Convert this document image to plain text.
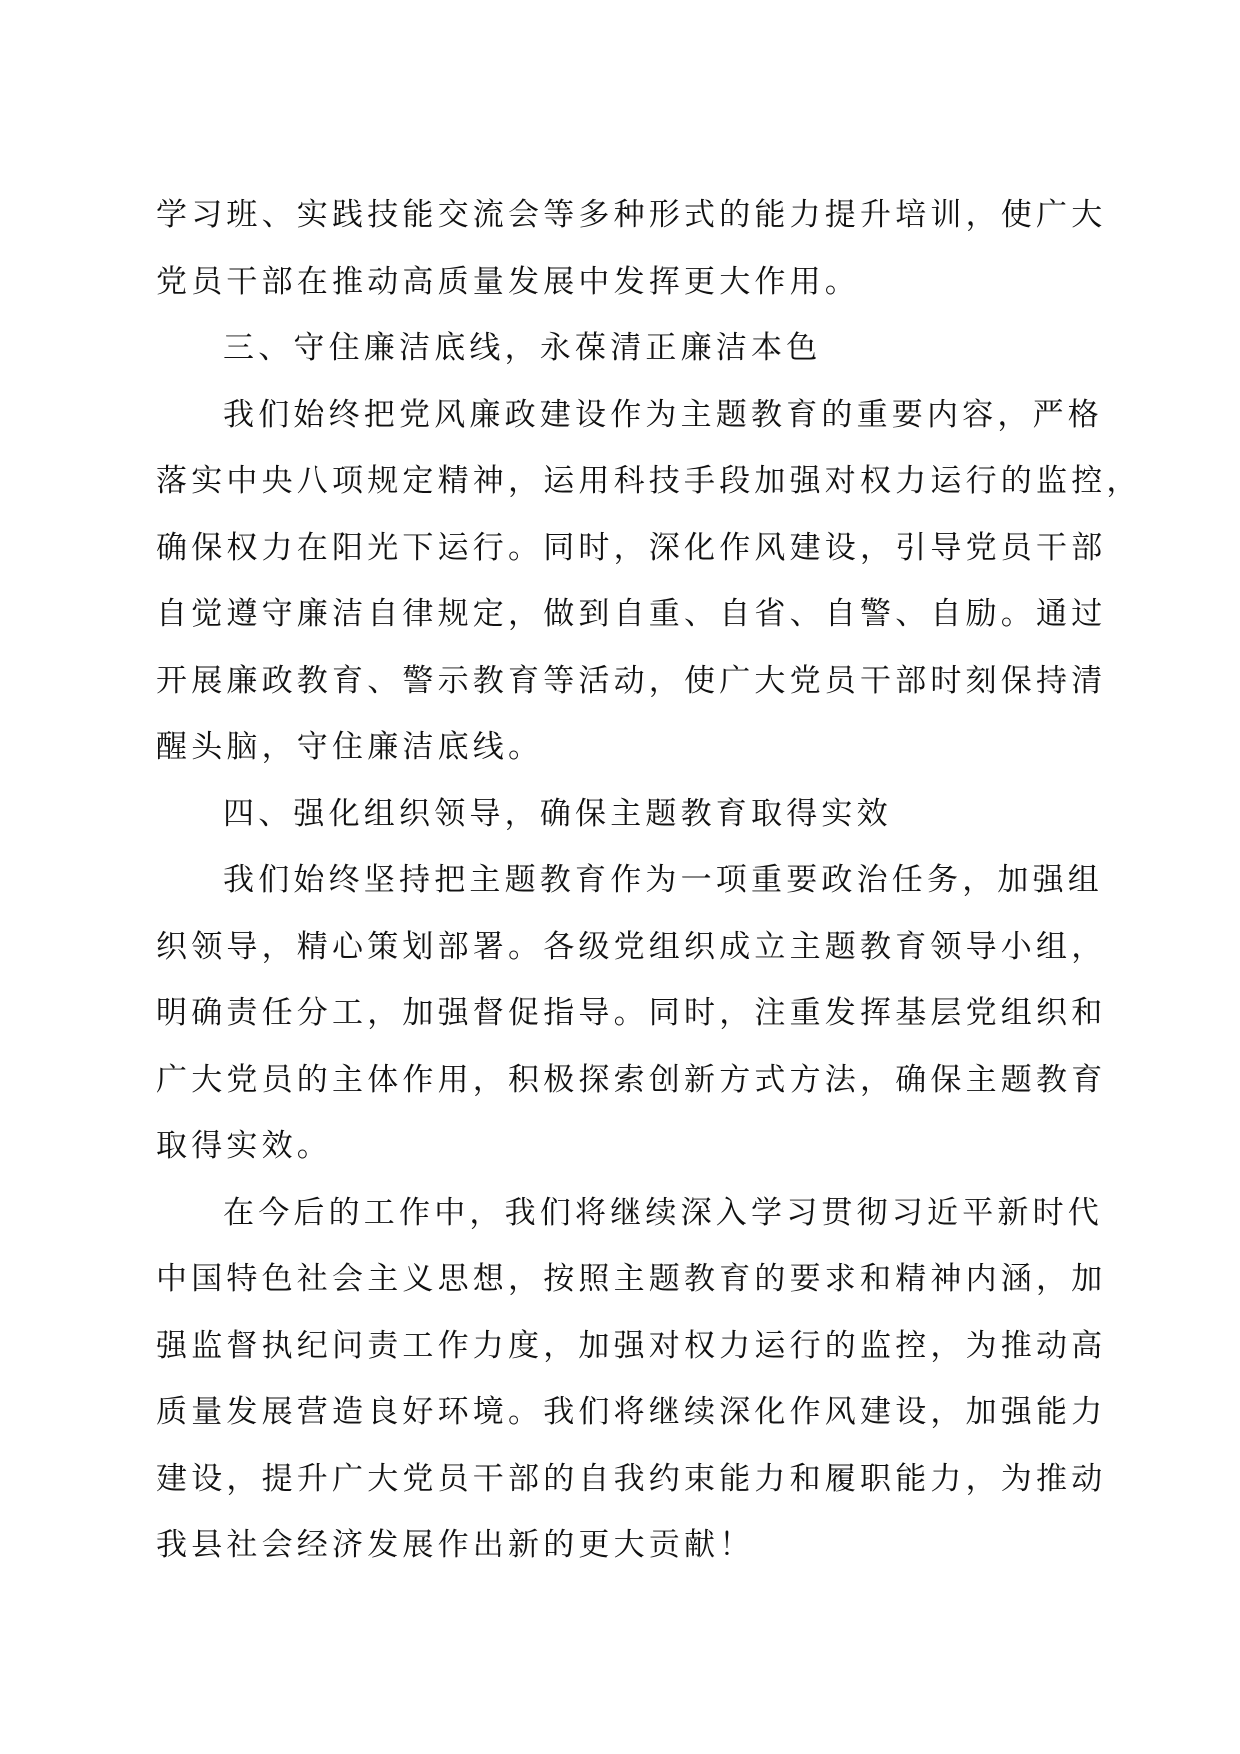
学习班、实践技能交流会等多种形式的能力提升培训，使广大
党员干部在推动高质量发展中发挥更大作用。
三、守住廉洁底线，永葆清正廉洁本色
我们始终把党风廉政建设作为主题教育的重要内容，严格
落实中央八项规定精神，运用科技手段加强对权力运行的监控，
确保权力在阳光下运行。同时，深化作风建设，引导党员干部
自觉遵守廉洁自律规定，做到自重、自省、自警、自励。通过
开展廉政教育、警示教育等活动，使广大党员干部时刻保持清
醒头脑，守住廉洁底线。
四、强化组织领导，确保主题教育取得实效
我们始终坚持把主题教育作为一项重要政治任务，加强组
织领导，精心策划部署。各级党组织成立主题教育领导小组，
明确责任分工，加强督促指导。同时，注重发挥基层党组织和
广大党员的主体作用，积极探索创新方式方法，确保主题教育
取得实效。
在今后的工作中，我们将继续深入学习贯彻习近平新时代
中国特色社会主义思想，按照主题教育的要求和精神内涵，加
强监督执纪问责工作力度，加强对权力运行的监控，为推动高
质量发展营造良好环境。我们将继续深化作风建设，加强能力
建设，提升广大党员干部的自我约束能力和履职能力，为推动
我县社会经济发展作出新的更大贡献！
